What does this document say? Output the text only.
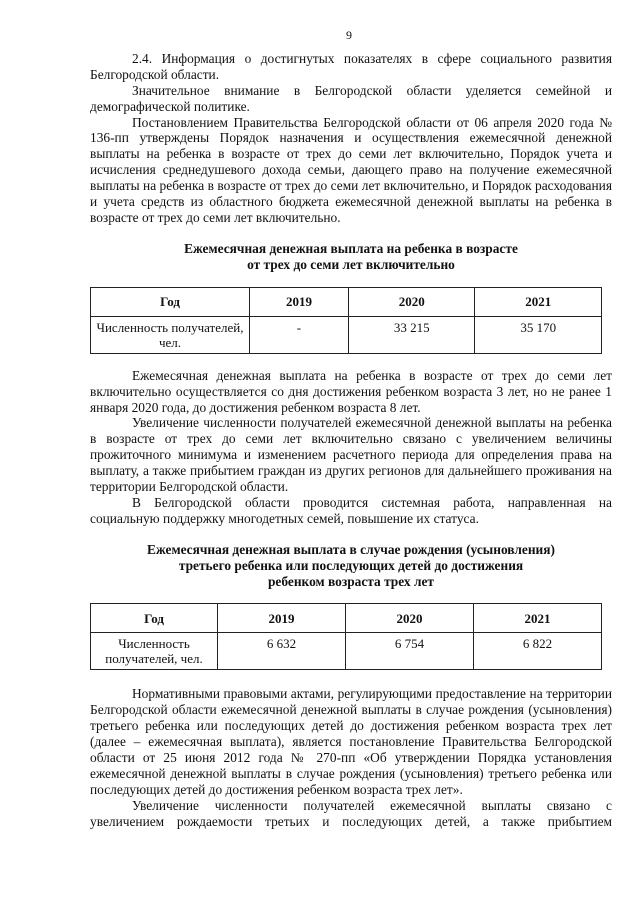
9

2.4. Информация о достигнутых показателях в сфере социального развития Белгородской области.

Значительное внимание в Белгородской области уделяется семейной и демографической политике.

Постановлением Правительства Белгородской области от 06 апреля 2020 года № 136-пп утверждены Порядок назначения и осуществления ежемесячной денежной выплаты на ребенка в возрасте от трех до семи лет включительно, Порядок учета и исчисления среднедушевого дохода семьи, дающего право на получение ежемесячной выплаты на ребенка в возрасте от трех до семи лет включительно, и Порядок расходования и учета средств из областного бюджета ежемесячной денежной выплаты на ребенка в возрасте от трех до семи лет включительно.

Ежемесячная денежная выплата на ребенка в возрасте
от трех до семи лет включительно
Год	2019	2020	2021
Численность получателей, чел.	-	33 215	35 170

Ежемесячная денежная выплата на ребенка в возрасте от трех до семи лет включительно осуществляется со дня достижения ребенком возраста 3 лет, но не ранее 1 января 2020 года, до достижения ребенком возраста 8 лет.

Увеличение численности получателей ежемесячной денежной выплаты на ребенка в возрасте от трех до семи лет включительно связано с увеличением величины прожиточного минимума и изменением расчетного периода для определения права на выплату, а также прибытием граждан из других регионов для дальнейшего проживания на территории Белгородской области.

В Белгородской области проводится системная работа, направленная на социальную поддержку многодетных семей, повышение их статуса.

Ежемесячная денежная выплата в случае рождения (усыновления)
третьего ребенка или последующих детей до достижения
ребенком возраста трех лет
Год	2019	2020	2021
Численность получателей, чел.	6 632	6 754	6 822

Нормативными правовыми актами, регулирующими предоставление на территории Белгородской области ежемесячной денежной выплаты в случае рождения (усыновления) третьего ребенка или последующих детей до достижения ребенком возраста трех лет (далее – ежемесячная выплата), является постановление Правительства Белгородской области от 25 июня 2012 года № 270-пп «Об утверждении Порядка установления ежемесячной денежной выплаты в случае рождения (усыновления) третьего ребенка или последующих детей до достижения ребенком возраста трех лет».

Увеличение численности получателей ежемесячной выплаты связано с увеличением рождаемости третьих и последующих детей, а также прибытием
